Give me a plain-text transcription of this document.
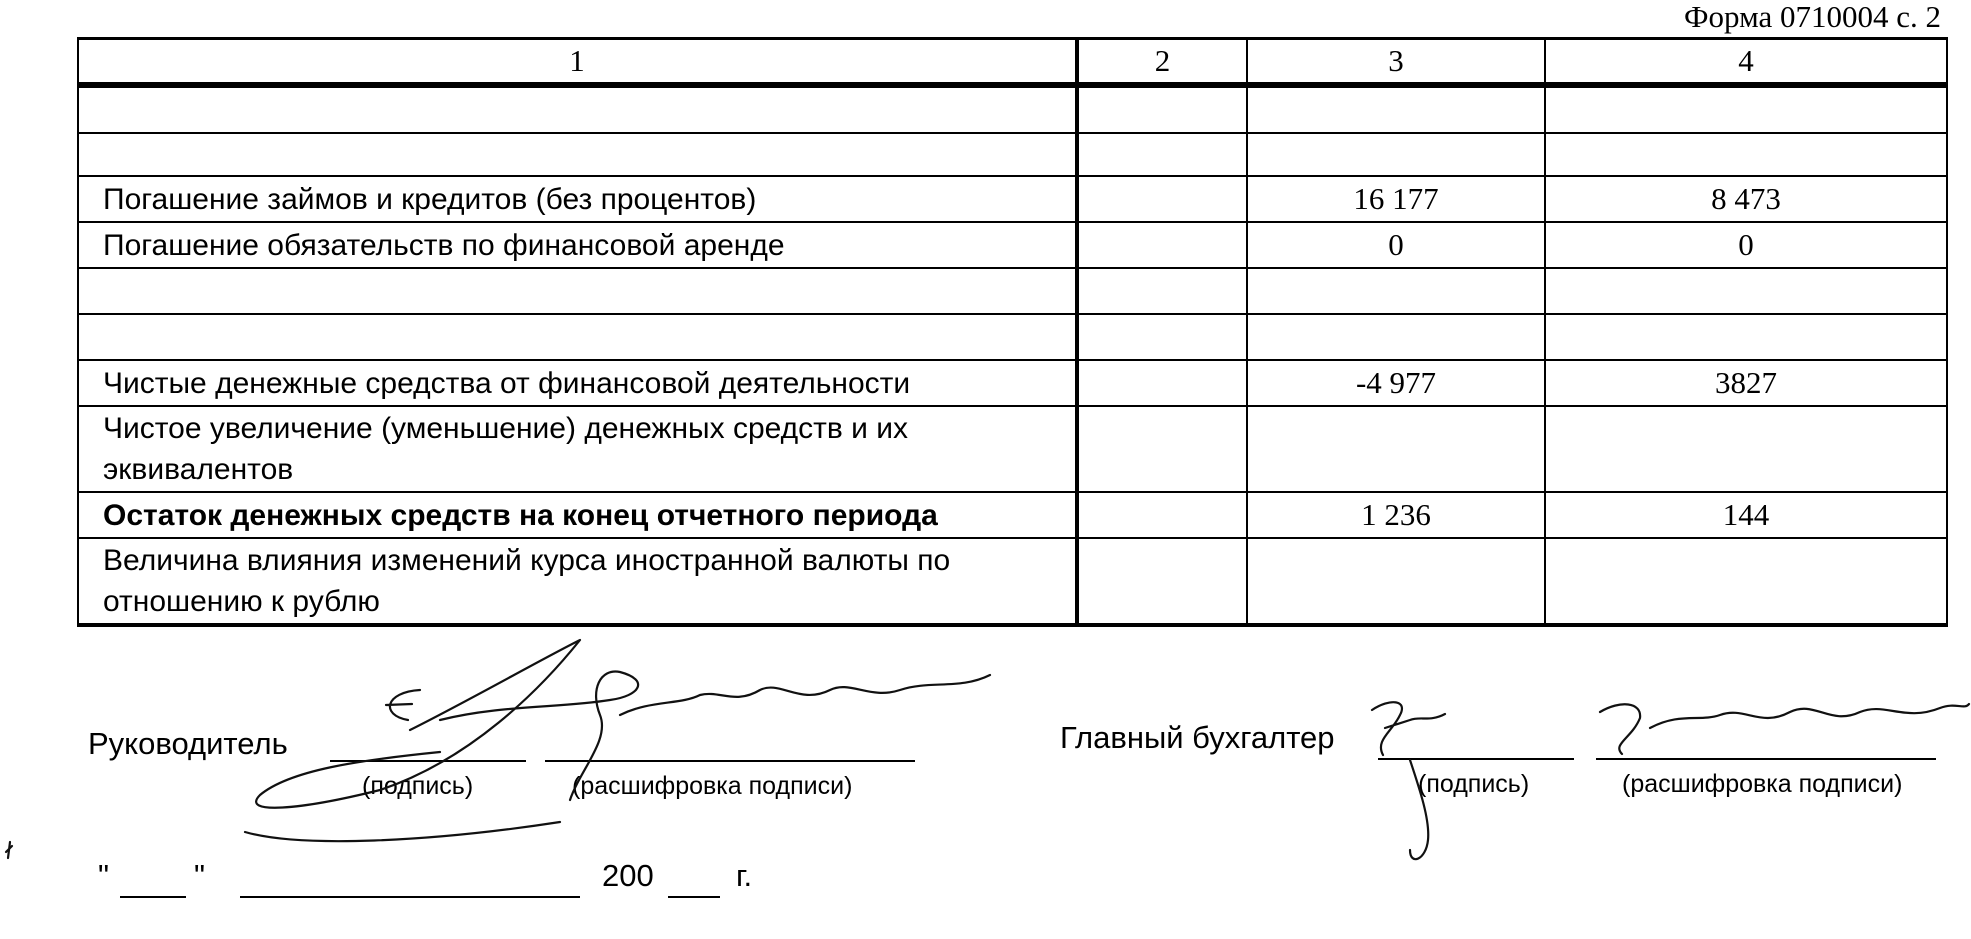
Форма 0710004 с. 2
1	2	3	4

Погашение займов и кредитов (без процентов)		16 177	8 473
Погашение обязательств по финансовой аренде		0	0

Чистые денежные средства от финансовой деятельности		-4 977	3827
Чистое увеличение (уменьшение) денежных средств и их эквивалентов			
Остаток денежных средств на конец отчетного периода		1 236	144
Величина влияния изменений курса иностранной валюты по отношению к рублю			
Руководитель
(подпись)	(расшифровка подписи)
Главный бухгалтер
(подпись)	(расшифровка подписи)
"	"	200	г.
